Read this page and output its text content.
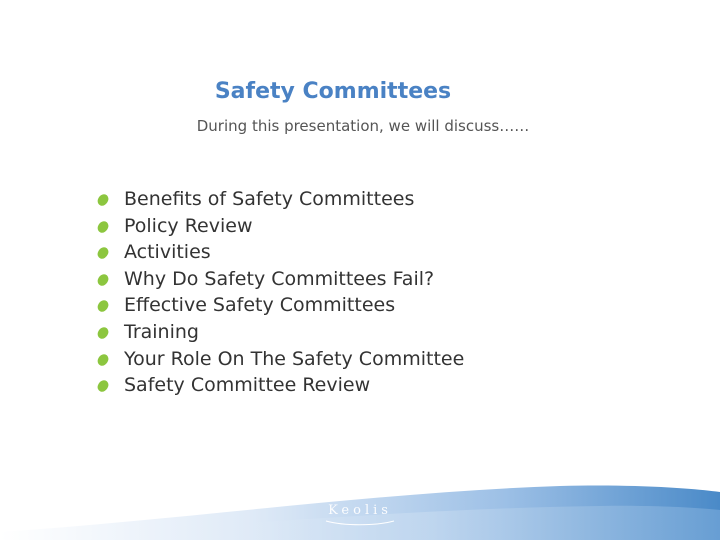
Safety Committees
During this presentation, we will discuss……
Benefits of Safety Committees
Policy Review
Activities
Why Do Safety Committees Fail?
Effective Safety Committees
Training
Your Role On The Safety Committee
Safety Committee Review
Keolis
